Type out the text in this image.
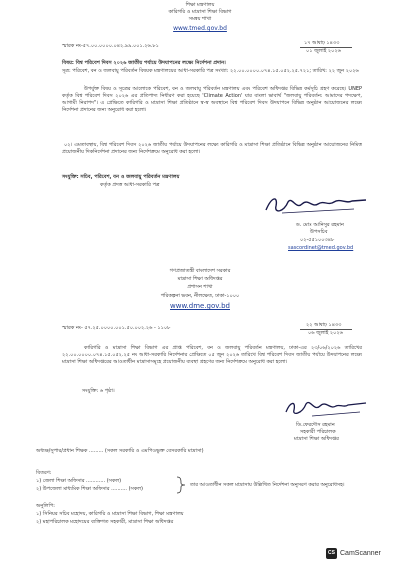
শিক্ষা মন্ত্রণালয়
কারিগরি ও মাদ্রাসা শিক্ষা বিভাগ
সমন্বয় শাখা
www.tmed.gov.bd
স্মারক নং-৫৭.০০.০০০০.০৪২.৯৯.০০১.২৬.৮১	১৭ আষাঢ় ১৪৩৩
০১ জুলাই ২০২৬
বিষয়: বিশ্ব পরিবেশ দিবস ২০২৬ জাতীয় পর্যায়ে উদযাপনের লক্ষ্যে নির্দেশনা প্রদান।
সূত্র: পরিবেশ, বন ও জলবায়ু পরিবর্তন বিষয়ক মন্ত্রণালয়ের আধা-সরকারি পত্র সংখ্যা: ২২.০০.০০০০.০৭৪.১৫.০৫২.২৫.৭২১; তারিখ: ২২ জুন ২০২৬
উপর্যুক্ত বিষয় ও সূত্রের আলোকে পরিবেশ, বন ও জলবায়ু পরিবর্তন মন্ত্রণালয় এবং পরিবেশ অধিদপ্তর বিভিন্ন কর্মসূচি গ্রহণ করেছে। UNEP কর্তৃক বিশ্ব পরিবেশ দিবস ২০২৬ এর প্রতিপাদ্য নির্ধারণ করা হয়েছে 'Climate Action' যার বাংলা ভাবার্থ "জলবায়ু পরিবর্তন: আমাদের পদক্ষেপ, আগামী নিরাপদ"। এ প্রেক্ষিতে কারিগরি ও মাদ্রাসা শিক্ষা প্রতিষ্ঠানে স্ব-স্ব অবস্থানে বিশ্ব পরিবেশ দিবস উদযাপনে বিভিন্ন অনুষ্ঠান আয়োজনের লক্ষ্যে নির্দেশনা প্রদানের জন্য অনুরোধ করা হলো।
০২। এমতাবস্থায়, বিশ্ব পরিবেশ দিবস ২০২৬ জাতীয় পর্যায়ে উদযাপনের লক্ষ্যে কারিগরি ও মাদ্রাসা শিক্ষা প্রতিষ্ঠানে বিভিন্ন অনুষ্ঠান আয়োজনের নিমিত্ত প্রয়োজনীয় দিকনির্দেশনা প্রদানের জন্য নির্দেশক্রমে অনুরোধ করা হলো।
সংযুক্তি: সচিব, পরিবেশ, বন ও জলবায়ু পরিবর্তন মন্ত্রণালয়
কর্তৃক প্রদত্ত আধা-সরকারি পত্র
ড. মোঃ আনিসুর রহমান
উপসচিব
০২-৫৫১০০৩৪৮
sascordinet@tmed.gov.bd
গণপ্রজাতন্ত্রী বাংলাদেশ সরকার
মাদ্রাসা শিক্ষা অধিদপ্তর
প্রশাসন শাখা
পরিকল্পনা ভবন, নীলক্ষেত, ঢাকা-১০০০
www.dme.gov.bd
স্মারক নং- ৫৭.২৫.০০০০.০০১.৫০.০০২.২৬ - ১১০৮	২২ আষাঢ় ১৪৩৩
০৬ জুলাই ২০২৬
কারিগরি ও মাদ্রাসা শিক্ষা বিভাগ এর প্রাপ্ত পরিবেশ, বন ও জলবায়ু পরিবর্তন মন্ত্রণালয়, ঢাকা-এর ২৩/০৬/২০২৬ তারিখের ২২.০০.০০০০.০৭৪.১৫.০৫২.২৫ নং আধা-সরকারি নির্দেশনার প্রেক্ষিতে ০৫ জুন ২০২৬ তারিখে বিশ্ব পরিবেশ দিবস জাতীয় পর্যায়ে উদযাপনের লক্ষ্যে মাদ্রাসা শিক্ষা অধিদপ্তরের আওতাধীন মাদ্রাসাসমূহে প্রয়োজনীয় ব্যবস্থা গ্রহণের জন্য নির্দেশক্রমে অনুরোধ করা হলো।
সংযুক্তি: ৬ পৃষ্ঠা।
ডি.ফেরদৌস রহমান
সহকারী পরিচালক
মাদ্রাসা শিক্ষা অধিদপ্তর
অধ্যক্ষ/সুপার/প্রধান শিক্ষক ......... (সকল সরকারি ও এমপিওভুক্ত বেসরকারি মাদ্রাসা)
বিতরণ:
১) জেলা শিক্ষা অফিসার ............ (সকল)
২) উপজেলা মাধ্যমিক শিক্ষা অফিসার .......... (সকল)
তার আওতাধীন সকল মাদ্রাসায় উল্লিখিত নির্দেশনা অনুসরণ করার অনুরোধসহ।
অনুলিপি:
১) সিনিয়র সচিব মহোদয়, কারিগরি ও মাদ্রাসা শিক্ষা বিভাগ, শিক্ষা মন্ত্রণালয়
২) মহাপরিচালক মহোদয়ের ব্যক্তিগত সহকারী, মাদ্রাসা শিক্ষা অধিদপ্তর
CS CamScanner
